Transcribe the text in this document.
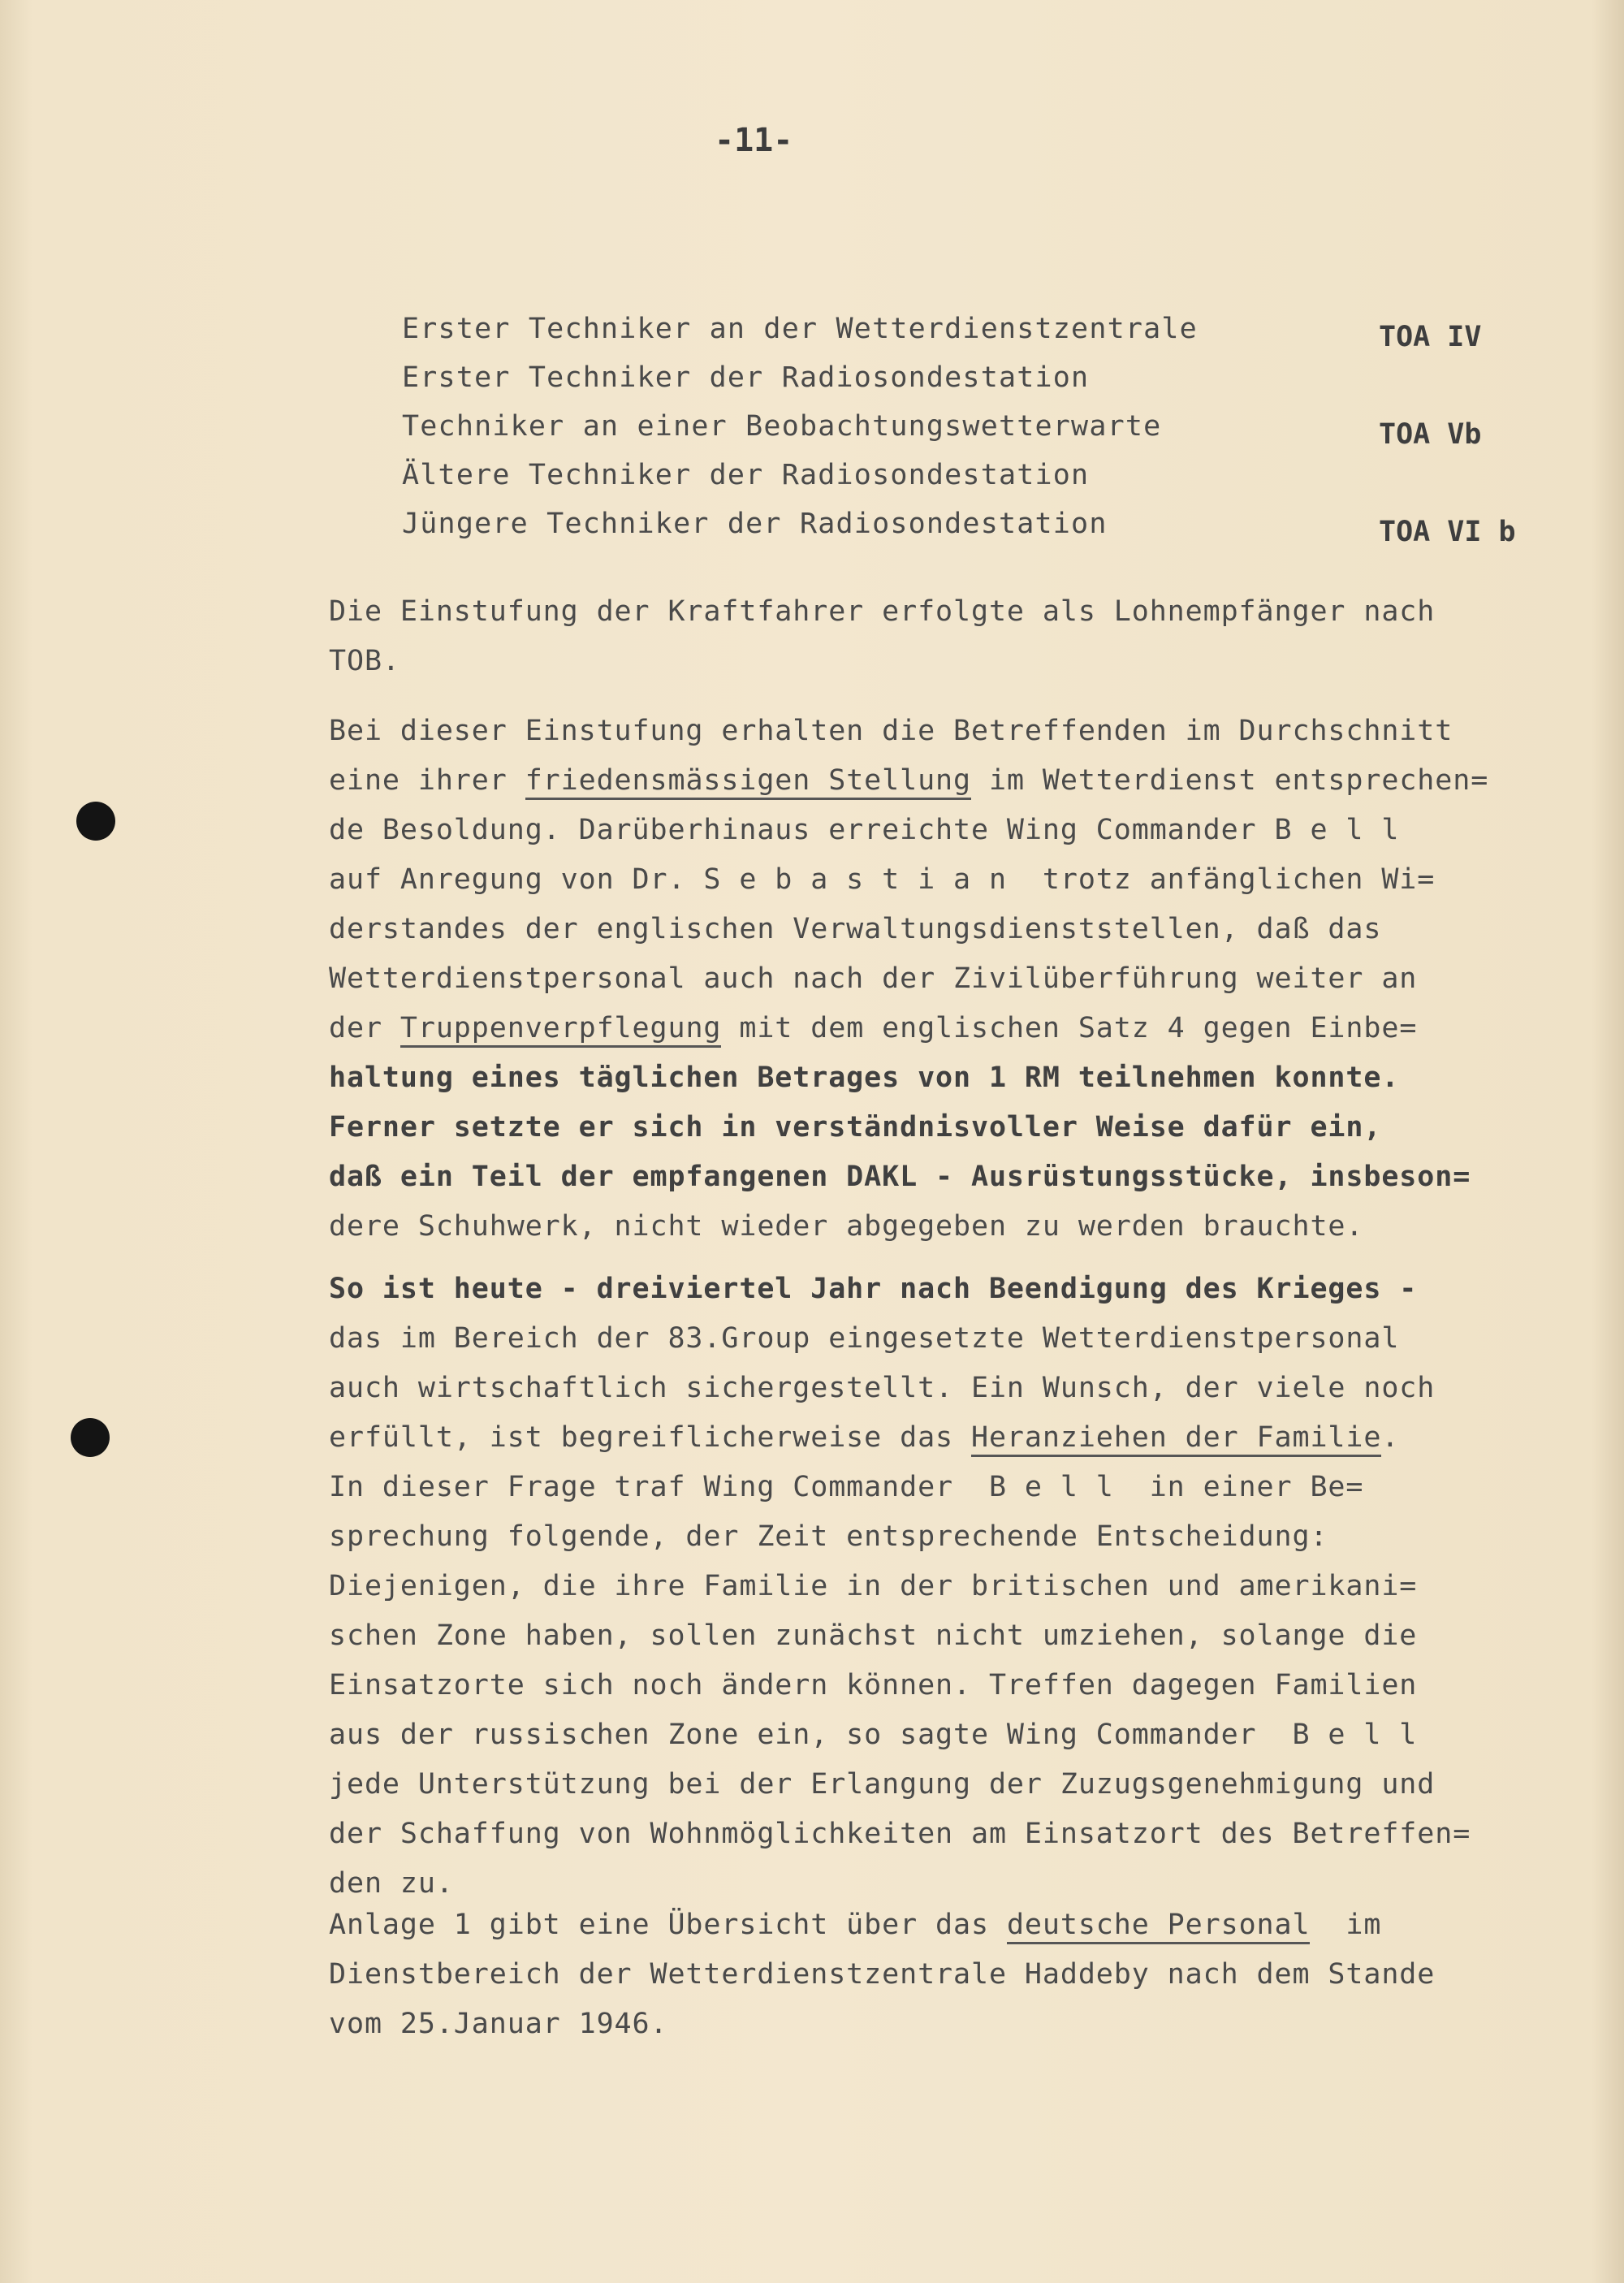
-11-
Erster Techniker an der Wetterdienstzentrale	TOA IV
Erster Techniker der Radiosondestation
Techniker an einer Beobachtungswetterwarte	TOA Vb
Ältere Techniker der Radiosondestation
Jüngere Techniker der Radiosondestation	TOA VI b
Die Einstufung der Kraftfahrer erfolgte als Lohnempfänger nach
TOB.
Bei dieser Einstufung erhalten die Betreffenden im Durchschnitt
eine ihrer friedensmässigen Stellung im Wetterdienst entsprechen=
de Besoldung. Darüberhinaus erreichte Wing Commander B e l l
auf Anregung von Dr. S e b a s t i a n  trotz anfänglichen Wi=
derstandes der englischen Verwaltungsdienststellen, daß das
Wetterdienstpersonal auch nach der Zivilüberführung weiter an
der Truppenverpflegung mit dem englischen Satz 4 gegen Einbe=
haltung eines täglichen Betrages von 1 RM teilnehmen konnte.
Ferner setzte er sich in verständnisvoller Weise dafür ein,
daß ein Teil der empfangenen DAKL - Ausrüstungsstücke, insbeson=
dere Schuhwerk, nicht wieder abgegeben zu werden brauchte.
So ist heute - dreiviertel Jahr nach Beendigung des Krieges -
das im Bereich der 83.Group eingesetzte Wetterdienstpersonal
auch wirtschaftlich sichergestellt. Ein Wunsch, der viele noch
erfüllt, ist begreiflicherweise das Heranziehen der Familie.
In dieser Frage traf Wing Commander  B e l l  in einer Be=
sprechung folgende, der Zeit entsprechende Entscheidung:
Diejenigen, die ihre Familie in der britischen und amerikani=
schen Zone haben, sollen zunächst nicht umziehen, solange die
Einsatzorte sich noch ändern können. Treffen dagegen Familien
aus der russischen Zone ein, so sagte Wing Commander  B e l l
jede Unterstützung bei der Erlangung der Zuzugsgenehmigung und
der Schaffung von Wohnmöglichkeiten am Einsatzort des Betreffen=
den zu.
Anlage 1 gibt eine Übersicht über das deutsche Personal  im
Dienstbereich der Wetterdienstzentrale Haddeby nach dem Stande
vom 25.Januar 1946.
